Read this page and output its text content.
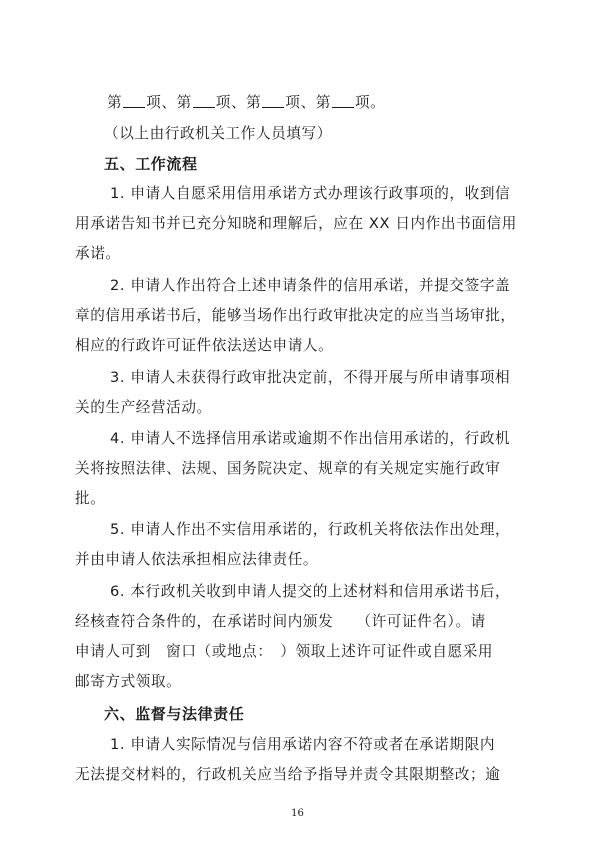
第 项、第 项、第 项、第 项。
（以上由行政机关工作人员填写）
五、工作流程
1. 申请人自愿采用信用承诺方式办理该行政事项的，收到信
用承诺告知书并已充分知晓和理解后，应在 XX 日内作出书面信用
承诺。
2. 申请人作出符合上述申请条件的信用承诺，并提交签字盖
章的信用承诺书后，能够当场作出行政审批决定的应当当场审批，
相应的行政许可证件依法送达申请人。
3. 申请人未获得行政审批决定前，不得开展与所申请事项相
关的生产经营活动。
4. 申请人不选择信用承诺或逾期不作出信用承诺的，行政机
关将按照法律、法规、国务院决定、规章的有关规定实施行政审
批。
5. 申请人作出不实信用承诺的，行政机关将依法作出处理，
并由申请人依法承担相应法律责任。
6. 本行政机关收到申请人提交的上述材料和信用承诺书后，
经核查符合条件的，在承诺时间内颁发　　（许可证件名）。请
申请人可到　窗口（或地点：　）领取上述许可证件或自愿采用
邮寄方式领取。
六、监督与法律责任
1. 申请人实际情况与信用承诺内容不符或者在承诺期限内
无法提交材料的，行政机关应当给予指导并责令其限期整改；逾
16
